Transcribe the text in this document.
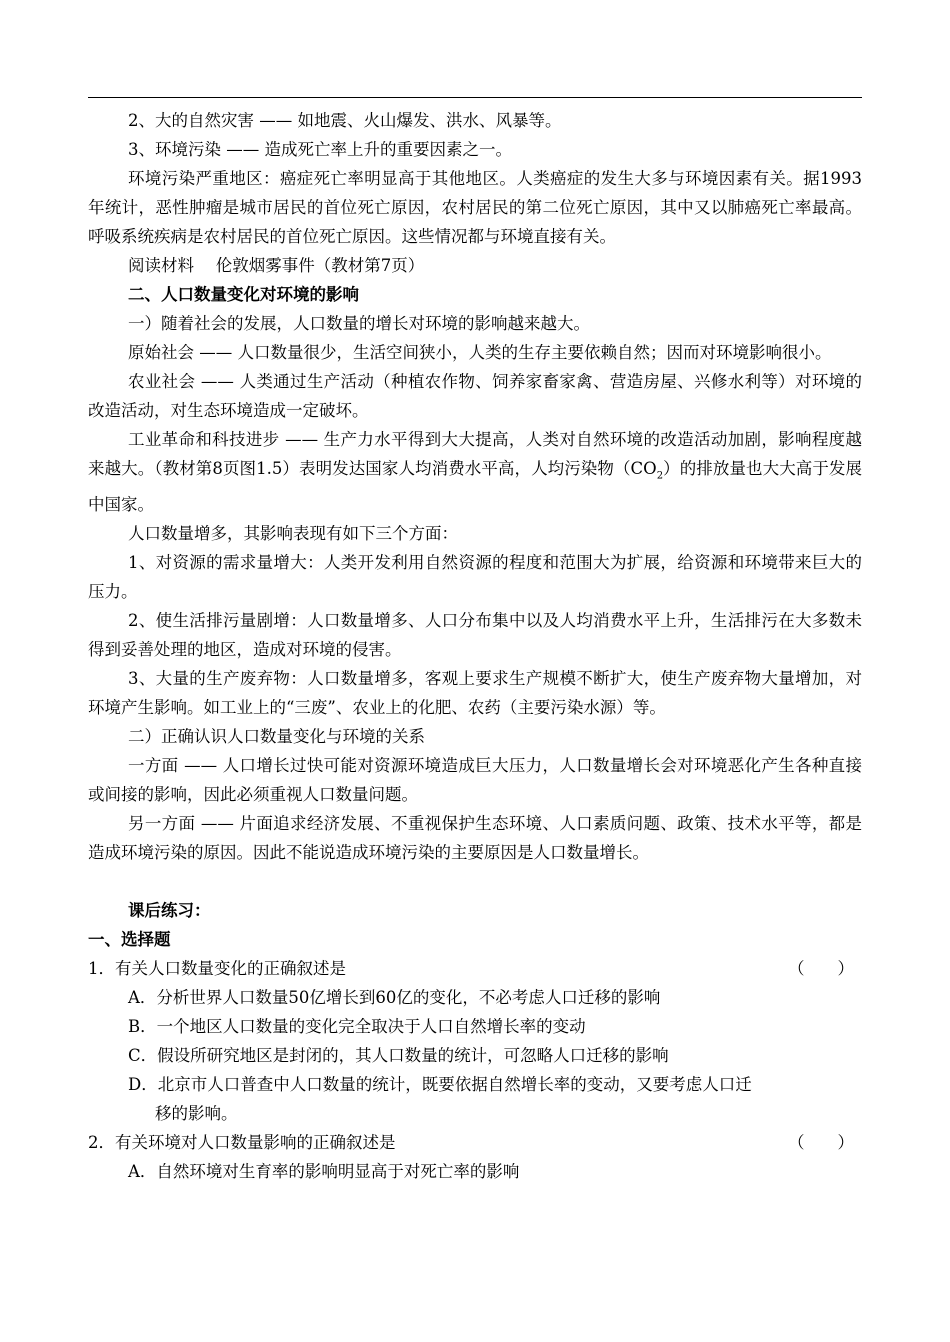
2、大的自然灾害 —— 如地震、火山爆发、洪水、风暴等。

3、环境污染 —— 造成死亡率上升的重要因素之一。

环境污染严重地区：癌症死亡率明显高于其他地区。人类癌症的发生大多与环境因素有关。据1993年统计，恶性肿瘤是城市居民的首位死亡原因，农村居民的第二位死亡原因，其中又以肺癌死亡率最高。呼吸系统疾病是农村居民的首位死亡原因。这些情况都与环境直接有关。

阅读材料　 伦敦烟雾事件（教材第7页）

二、人口数量变化对环境的影响

一）随着社会的发展，人口数量的增长对环境的影响越来越大。

原始社会 —— 人口数量很少，生活空间狭小，人类的生存主要依赖自然；因而对环境影响很小。

农业社会 —— 人类通过生产活动（种植农作物、饲养家畜家禽、营造房屋、兴修水利等）对环境的改造活动，对生态环境造成一定破坏。

工业革命和科技进步 —— 生产力水平得到大大提高，人类对自然环境的改造活动加剧，影响程度越来越大。（教材第8页图1.5）表明发达国家人均消费水平高，人均污染物$(CO_2)$的排放量也大大高于发展中国家。

人口数量增多，其影响表现有如下三个方面：

1、对资源的需求量增大：人类开发利用自然资源的程度和范围大为扩展，给资源和环境带来巨大的压力。

2、使生活排污量剧增：人口数量增多、人口分布集中以及人均消费水平上升，生活排污在大多数未得到妥善处理的地区，造成对环境的侵害。

3、大量的生产废弃物：人口数量增多，客观上要求生产规模不断扩大，使生产废弃物大量增加，对环境产生影响。如工业上的“三废”、农业上的化肥、农药（主要污染水源）等。

二）正确认识人口数量变化与环境的关系

一方面 —— 人口增长过快可能对资源环境造成巨大压力，人口数量增长会对环境恶化产生各种直接或间接的影响，因此必须重视人口数量问题。

另一方面 —— 片面追求经济发展、不重视保护生态环境、人口素质问题、政策、技术水平等，都是造成环境污染的原因。因此不能说造成环境污染的主要原因是人口数量增长。

课后练习：

一、选择题

1．有关人口数量变化的正确叙述是	（　　）

A．分析世界人口数量50亿增长到60亿的变化，不必考虑人口迁移的影响

B．一个地区人口数量的变化完全取决于人口自然增长率的变动

C．假设所研究地区是封闭的，其人口数量的统计，可忽略人口迁移的影响

D．北京市人口普查中人口数量的统计，既要依据自然增长率的变动，又要考虑人口迁

移的影响。

2．有关环境对人口数量影响的正确叙述是	（　　）

A．自然环境对生育率的影响明显高于对死亡率的影响
